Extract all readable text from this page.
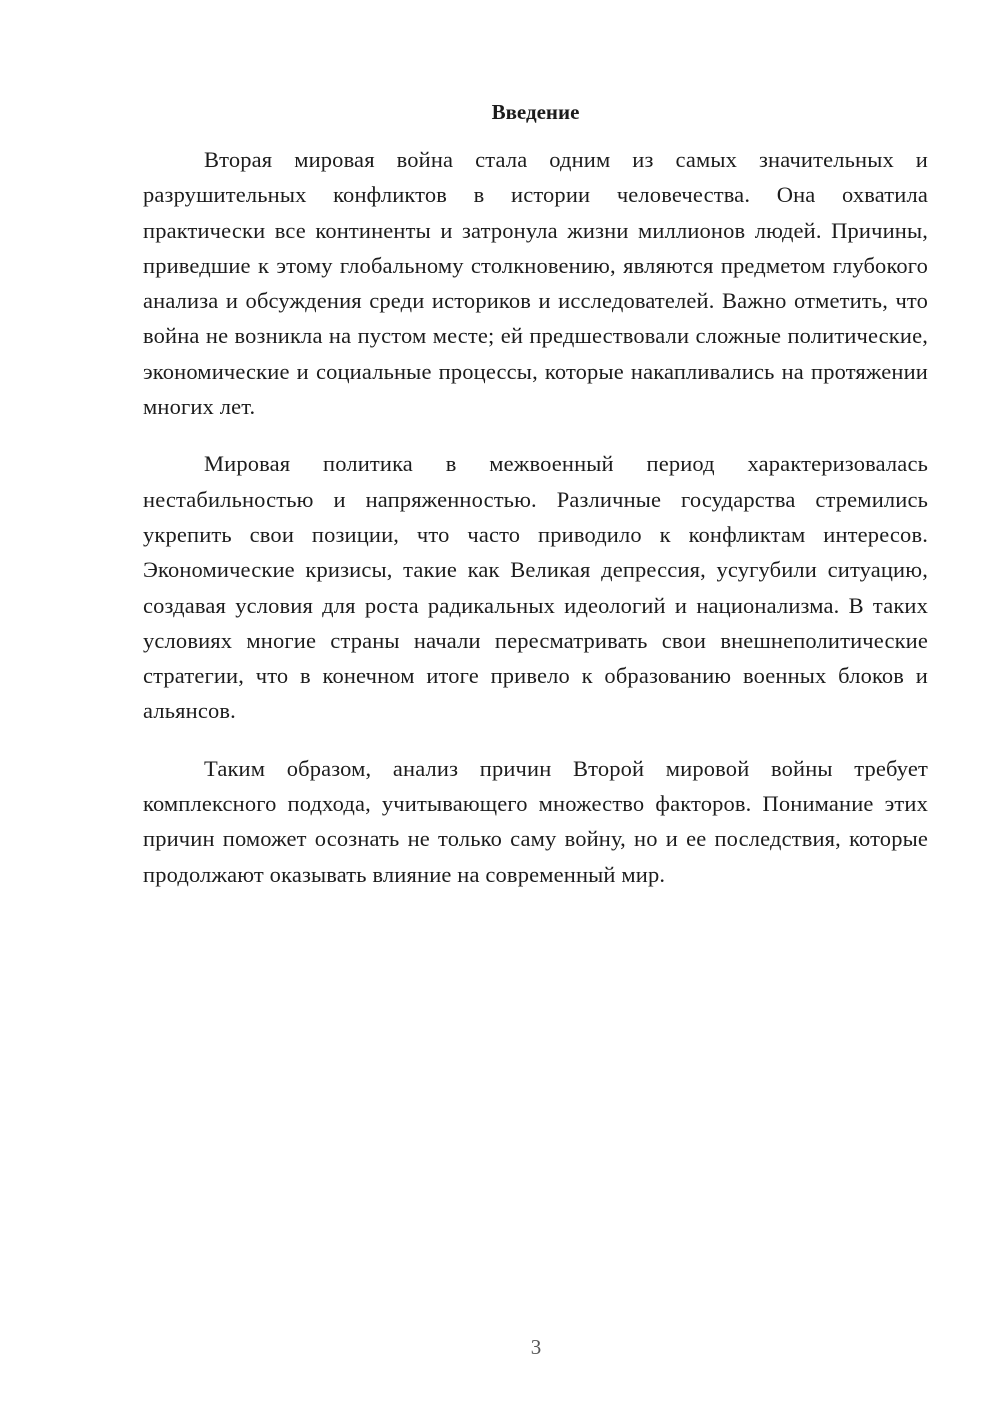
Введение

Вторая мировая война стала одним из самых значительных и разрушительных конфликтов в истории человечества. Она охватила практически все континенты и затронула жизни миллионов людей. Причины, приведшие к этому глобальному столкновению, являются предметом глубокого анализа и обсуждения среди историков и исследователей. Важно отметить, что война не возникла на пустом месте; ей предшествовали сложные политические, экономические и социальные процессы, которые накапливались на протяжении многих лет.

Мировая политика в межвоенный период характеризовалась нестабильностью и напряженностью. Различные государства стремились укрепить свои позиции, что часто приводило к конфликтам интересов. Экономические кризисы, такие как Великая депрессия, усугубили ситуацию, создавая условия для роста радикальных идеологий и национализма. В таких условиях многие страны начали пересматривать свои внешнеполитические стратегии, что в конечном итоге привело к образованию военных блоков и альянсов.

Таким образом, анализ причин Второй мировой войны требует комплексного подхода, учитывающего множество факторов. Понимание этих причин поможет осознать не только саму войну, но и ее последствия, которые продолжают оказывать влияние на современный мир.

3
